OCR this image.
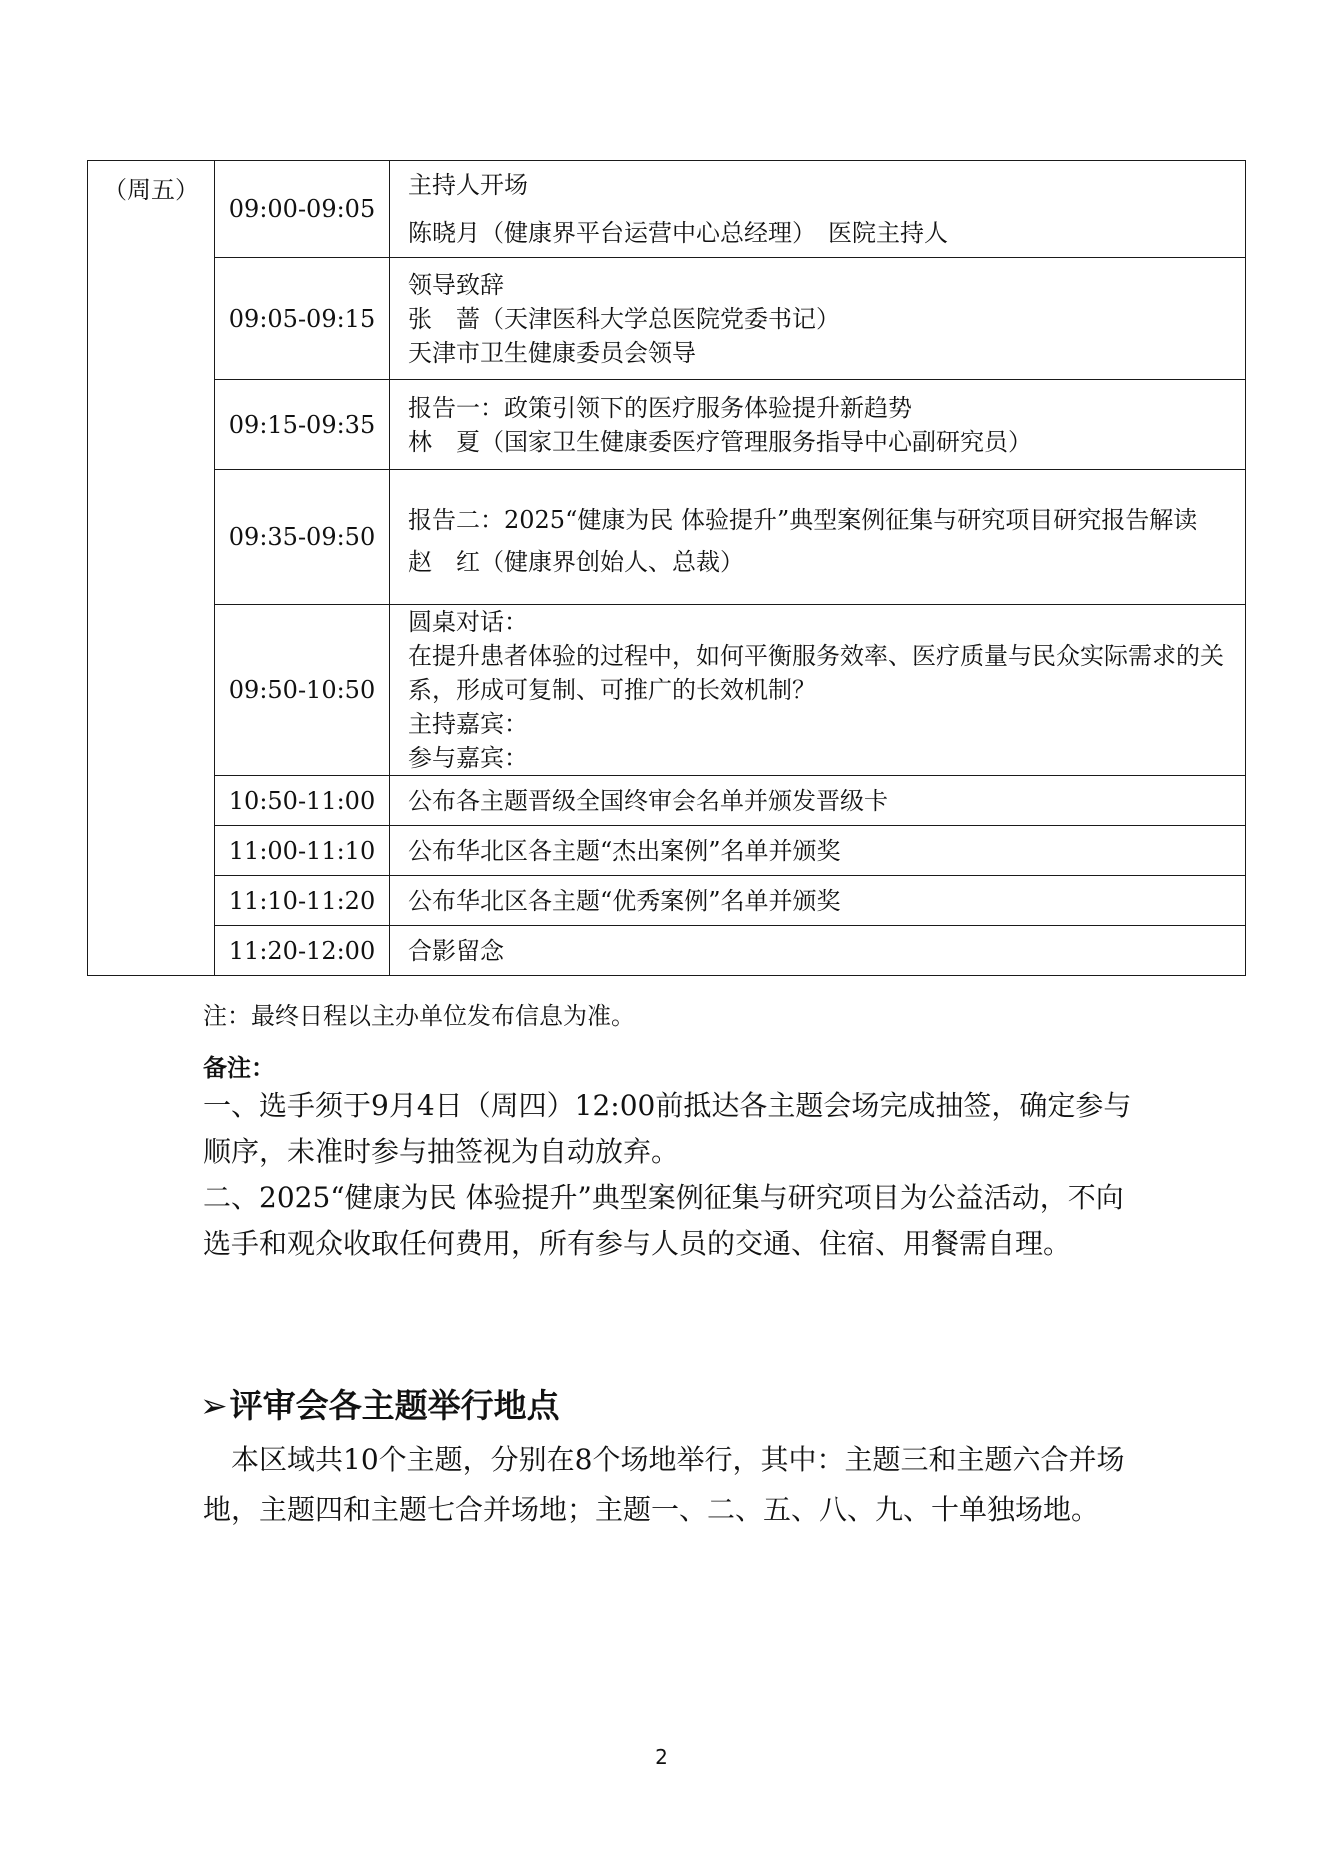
（周五）	09:00-09:05	主持人开场
陈晓月（健康界平台运营中心总经理）　医院主持人

	09:05-09:15	领导致辞
张　蔷（天津医科大学总医院党委书记）
天津市卫生健康委员会领导

	09:15-09:35	报告一：政策引领下的医疗服务体验提升新趋势
林　夏（国家卫生健康委医疗管理服务指导中心副研究员）

	09:35-09:50	报告二：2025“健康为民 体验提升”典型案例征集与研究项目研究报告解读
赵　红（健康界创始人、总裁）

	09:50-10:50	圆桌对话：
在提升患者体验的过程中，如何平衡服务效率、医疗质量与民众实际需求的关系，形成可复制、可推广的长效机制？
主持嘉宾：
参与嘉宾：

	10:50-11:00	公布各主题晋级全国终审会名单并颁发晋级卡

	11:00-11:10	公布华北区各主题“杰出案例”名单并颁奖

	11:10-11:20	公布华北区各主题“优秀案例”名单并颁奖

	11:20-12:00	合影留念
注：最终日程以主办单位发布信息为准。
备注：

一、选手须于9月4日（周四）12:00前抵达各主题会场完成抽签，确定参与顺序，未准时参与抽签视为自动放弃。

二、2025“健康为民 体验提升”典型案例征集与研究项目为公益活动，不向选手和观众收取任何费用，所有参与人员的交通、住宿、用餐需自理。

➢评审会各主题举行地点

本区域共10个主题，分别在8个场地举行，其中：主题三和主题六合并场地，主题四和主题七合并场地；主题一、二、五、八、九、十单独场地。

2
